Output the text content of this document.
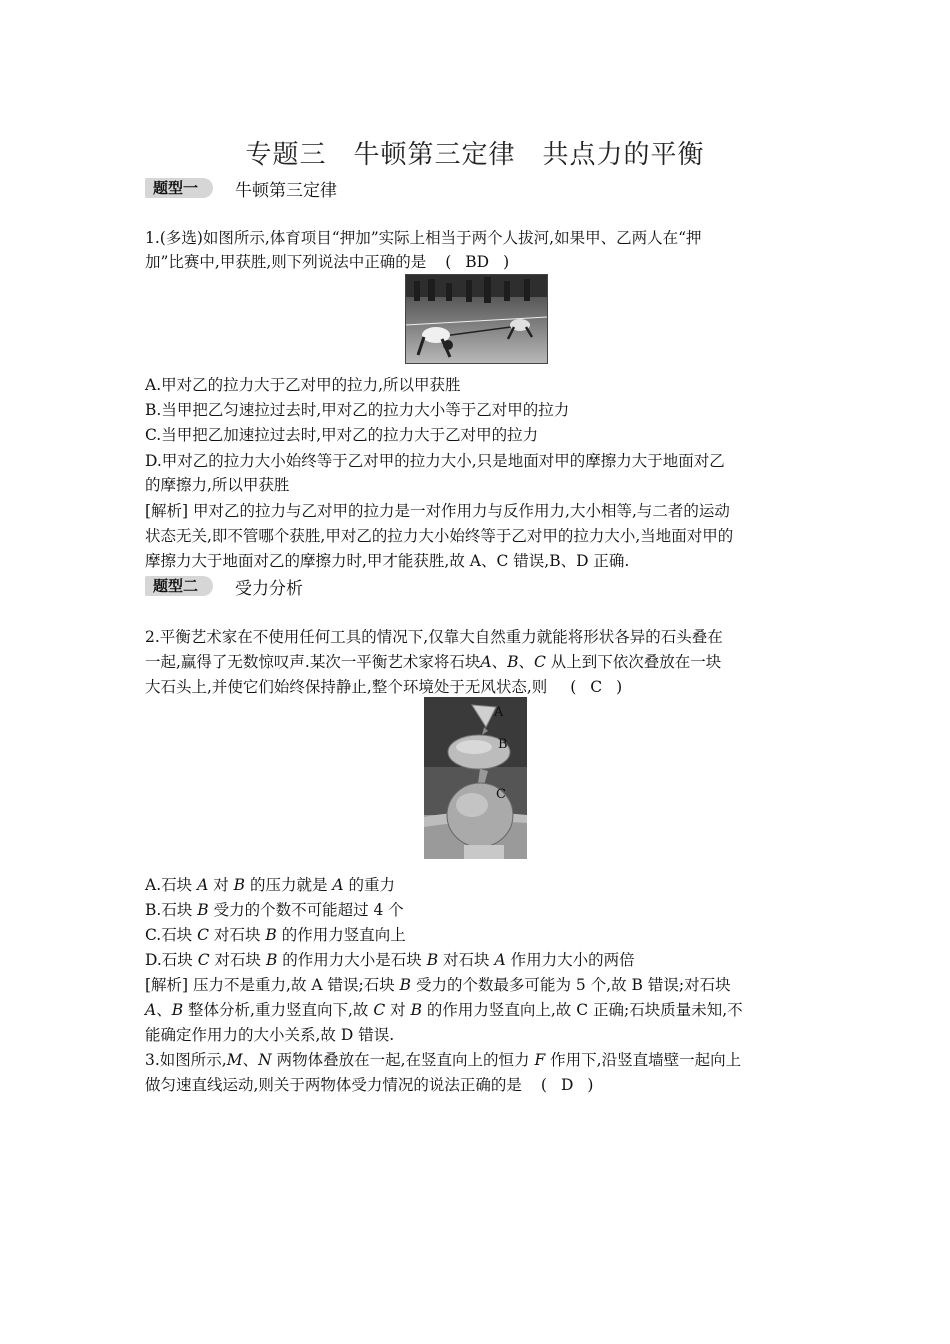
专题三　牛顿第三定律　共点力的平衡
题型一	牛顿第三定律
1.(多选)如图所示,体育项目“押加”实际上相当于两个人拔河,如果甲、乙两人在“押
加”比赛中,甲获胜,则下列说法中正确的是 ( BD )
A.甲对乙的拉力大于乙对甲的拉力,所以甲获胜
B.当甲把乙匀速拉过去时,甲对乙的拉力大小等于乙对甲的拉力
C.当甲把乙加速拉过去时,甲对乙的拉力大于乙对甲的拉力
D.甲对乙的拉力大小始终等于乙对甲的拉力大小,只是地面对甲的摩擦力大于地面对乙
的摩擦力,所以甲获胜
[解析] 甲对乙的拉力与乙对甲的拉力是一对作用力与反作用力,大小相等,与二者的运动
状态无关,即不管哪个获胜,甲对乙的拉力大小始终等于乙对甲的拉力大小,当地面对甲的
摩擦力大于地面对乙的摩擦力时,甲才能获胜,故 A、C 错误,B、D 正确.
题型二	受力分析
2.平衡艺术家在不使用任何工具的情况下,仅靠大自然重力就能将形状各异的石头叠在
一起,赢得了无数惊叹声.某次一平衡艺术家将石块A、B、C 从上到下依次叠放在一块
大石头上,并使它们始终保持静止,整个环境处于无风状态,则 ( C )
A
B
C
A.石块 A 对 B 的压力就是 A 的重力
B.石块 B 受力的个数不可能超过 4 个
C.石块 C 对石块 B 的作用力竖直向上
D.石块 C 对石块 B 的作用力大小是石块 B 对石块 A 作用力大小的两倍
[解析] 压力不是重力,故 A 错误;石块 B 受力的个数最多可能为 5 个,故 B 错误;对石块
A、B 整体分析,重力竖直向下,故 C 对 B 的作用力竖直向上,故 C 正确;石块质量未知,不
能确定作用力的大小关系,故 D 错误.
3.如图所示,M、N 两物体叠放在一起,在竖直向上的恒力 F 作用下,沿竖直墙壁一起向上
做匀速直线运动,则关于两物体受力情况的说法正确的是 ( D )
